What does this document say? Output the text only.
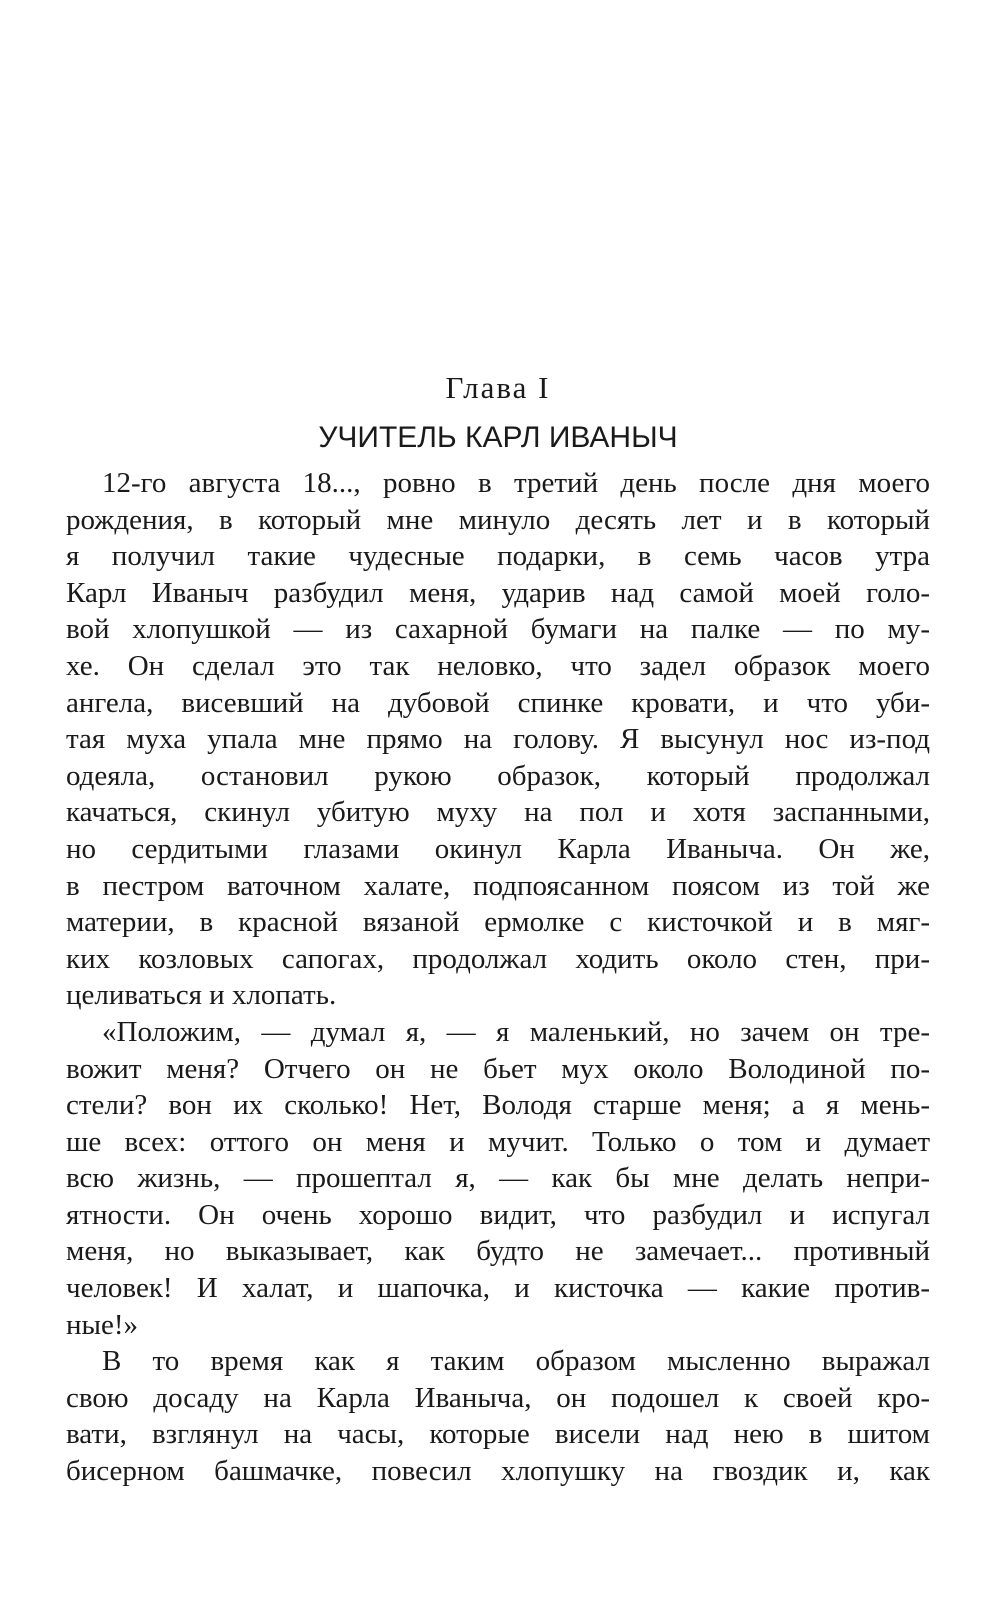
Глава I
УЧИТЕЛЬ КАРЛ ИВАНЫЧ
12-го августа 18..., ровно в третий день после дня моего
рождения, в который мне минуло десять лет и в который
я получил такие чудесные подарки, в семь часов утра
Карл Иваныч разбудил меня, ударив над самой моей голо-
вой хлопушкой — из сахарной бумаги на палке — по му-
хе. Он сделал это так неловко, что задел образок моего
ангела, висевший на дубовой спинке кровати, и что уби-
тая муха упала мне прямо на голову. Я высунул нос из-под
одеяла, остановил рукою образок, который продолжал
качаться, скинул убитую муху на пол и хотя заспанными,
но сердитыми глазами окинул Карла Иваныча. Он же,
в пестром ваточном халате, подпоясанном поясом из той же
материи, в красной вязаной ермолке с кисточкой и в мяг-
ких козловых сапогах, продолжал ходить около стен, при-
целиваться и хлопать.
«Положим, — думал я, — я маленький, но зачем он тре-
вожит меня? Отчего он не бьет мух около Володиной по-
стели? вон их сколько! Нет, Володя старше меня; а я мень-
ше всех: оттого он меня и мучит. Только о том и думает
всю жизнь, — прошептал я, — как бы мне делать непри-
ятности. Он очень хорошо видит, что разбудил и испугал
меня, но выказывает, как будто не замечает... противный
человек! И халат, и шапочка, и кисточка — какие против-
ные!»
В то время как я таким образом мысленно выражал
свою досаду на Карла Иваныча, он подошел к своей кро-
вати, взглянул на часы, которые висели над нею в шитом
бисерном башмачке, повесил хлопушку на гвоздик и, как
